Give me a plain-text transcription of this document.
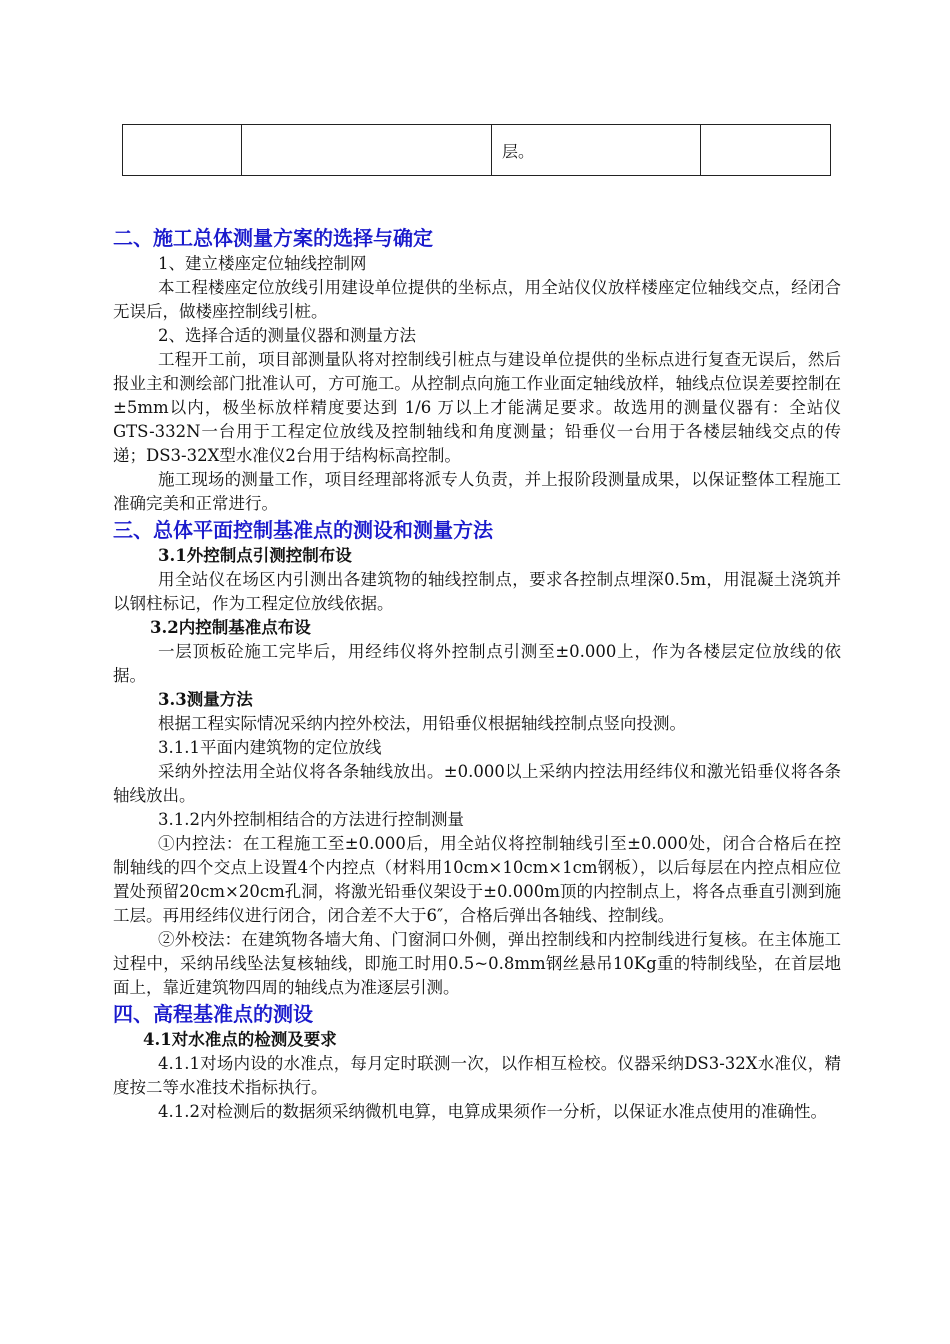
层。

二、施工总体测量方案的选择与确定
1、建立楼座定位轴线控制网
本工程楼座定位放线引用建设单位提供的坐标点，用全站仪仪放样楼座定位轴线交点，经闭合无误后，做楼座控制线引桩。
2、选择合适的测量仪器和测量方法
工程开工前，项目部测量队将对控制线引桩点与建设单位提供的坐标点进行复查无误后，然后报业主和测绘部门批准认可，方可施工。从控制点向施工作业面定轴线放样，轴线点位误差要控制在±5mm以内，极坐标放样精度要达到 1/6 万以上才能满足要求。故选用的测量仪器有：全站仪GTS-332N一台用于工程定位放线及控制轴线和角度测量；铅垂仪一台用于各楼层轴线交点的传递；DS3-32X型水准仪2台用于结构标高控制。
施工现场的测量工作，项目经理部将派专人负责，并上报阶段测量成果，以保证整体工程施工准确完美和正常进行。
三、总体平面控制基准点的测设和测量方法
3.1外控制点引测控制布设
用全站仪在场区内引测出各建筑物的轴线控制点，要求各控制点埋深0.5m，用混凝土浇筑并以钢柱标记，作为工程定位放线依据。
3.2内控制基准点布设
一层顶板砼施工完毕后，用经纬仪将外控制点引测至±0.000上，作为各楼层定位放线的依据。
3.3测量方法
根据工程实际情况采纳内控外校法，用铅垂仪根据轴线控制点竖向投测。
3.1.1平面内建筑物的定位放线
采纳外控法用全站仪将各条轴线放出。±0.000以上采纳内控法用经纬仪和激光铅垂仪将各条轴线放出。
3.1.2内外控制相结合的方法进行控制测量
①内控法：在工程施工至±0.000后，用全站仪将控制轴线引至±0.000处，闭合合格后在控制轴线的四个交点上设置4个内控点（材料用10cm×10cm×1cm钢板），以后每层在内控点相应位置处预留20cm×20cm孔洞，将激光铅垂仪架设于±0.000m顶的内控制点上，将各点垂直引测到施工层。再用经纬仪进行闭合，闭合差不大于6″，合格后弹出各轴线、控制线。
②外校法：在建筑物各墙大角、门窗洞口外侧，弹出控制线和内控制线进行复核。在主体施工过程中，采纳吊线坠法复核轴线，即施工时用0.5~0.8mm钢丝悬吊10Kg重的特制线坠，在首层地面上，靠近建筑物四周的轴线点为准逐层引测。
四、高程基准点的测设
4.1对水准点的检测及要求
4.1.1对场内设的水准点，每月定时联测一次，以作相互检校。仪器采纳DS3-32X水准仪，精度按二等水准技术指标执行。
4.1.2对检测后的数据须采纳微机电算，电算成果须作一分析，以保证水准点使用的准确性。
